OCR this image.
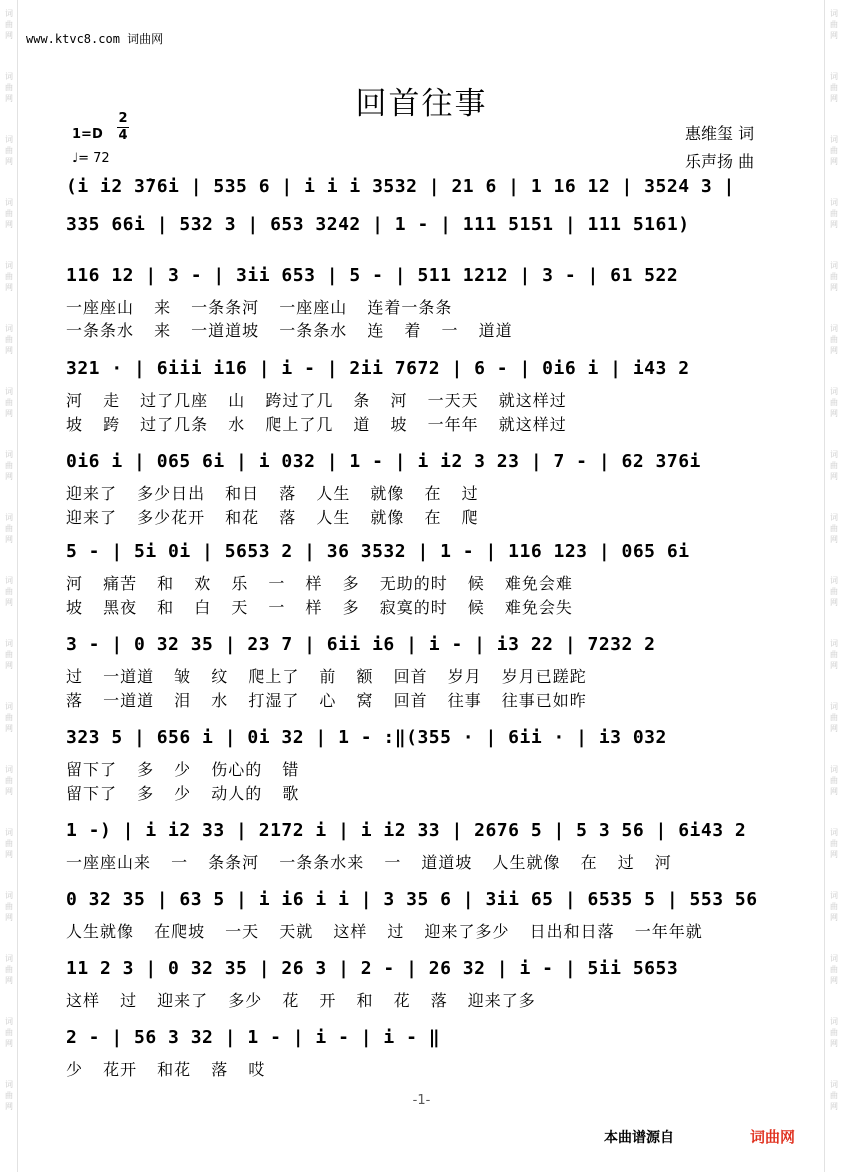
词曲网
词曲网
词曲网
词曲网
词曲网
词曲网
词曲网
词曲网
词曲网
词曲网
词曲网
词曲网
词曲网
词曲网
词曲网
词曲网
词曲网
词曲网
词曲网
词曲网
词曲网
词曲网
词曲网
词曲网
词曲网
词曲网
词曲网
词曲网
词曲网
词曲网
词曲网
词曲网
词曲网
词曲网
词曲网
词曲网
www.ktvc8.com 词曲网
回首往事
1=D
2
4
♩= 72
惠维玺 词
乐声扬 曲
(i i2 3̇76i | 535 6 | i i i 3532 | 21 6 | 1 16 12 | 3524 3 |
335 66i | 532 3 | 653 3242 | 1 - | 111 5151 | 111 5161)
116 12 | 3 - | 3ii 653 | 5 - | 511 1212 | 3 - | 61 522
一座座山 来 一条条河 一座座山 连着一条条
一条条水 来 一道道坡 一条条水 连 着 一 道道
321 · | 6iii i16 | i - | 2ii 7672 | 6 - | 0i6 i | i43 2
河 走 过了几座 山 跨过了几 条 河 一天天 就这样过
坡 跨 过了几条 水 爬上了几 道 坡 一年年 就这样过
0i6 i | 065 6i | i 032 | 1 - | i i2 3 23 | 7 - | 62 376i
迎来了 多少日出 和日 落 人生 就像 在 过
迎来了 多少花开 和花 落 人生 就像 在 爬
5 - | 5i 0i | 5653 2 | 36 3532 | 1 - | 116 123 | 065 6i
河 痛苦 和 欢 乐 一 样 多 无助的时 候 难免会难
坡 黑夜 和 白 天 一 样 多 寂寞的时 候 难免会失
3 - | 0 32 35 | 23 7 | 6ii i6 | i - | i3 22 | 7232 2
过 一道道 皱 纹 爬上了 前 额 回首 岁月 岁月已蹉跎
落 一道道 泪 水 打湿了 心 窝 回首 往事 往事已如昨
323 5 | 656 i | 0i 32 | 1 - :‖(355 · | 6ii · | i3 032
留下了 多 少 伤心的 错
留下了 多 少 动人的 歌
1 -) | i i2 33 | 2172 i | i i2 33 | 2676 5 | 5 3 56 | 6i43 2
一座座山来 一 条条河 一条条水来 一 道道坡 人生就像 在 过 河
0 32 35 | 63 5 | i i6 i i | 3 35 6 | 3ii 65 | 6535 5 | 553 56
人生就像 在爬坡 一天 天就 这样 过 迎来了多少 日出和日落 一年年就
11 2 3 | 0 32 35 | 26 3 | 2 - | 26 32 | i - | 5ii 5653
这样 过 迎来了 多少 花 开 和 花 落 迎来了多
2 - | 56 3 32 | 1 - | i - | i - ‖
少 花开 和花 落 哎
-1-
本曲谱源自	词曲网
